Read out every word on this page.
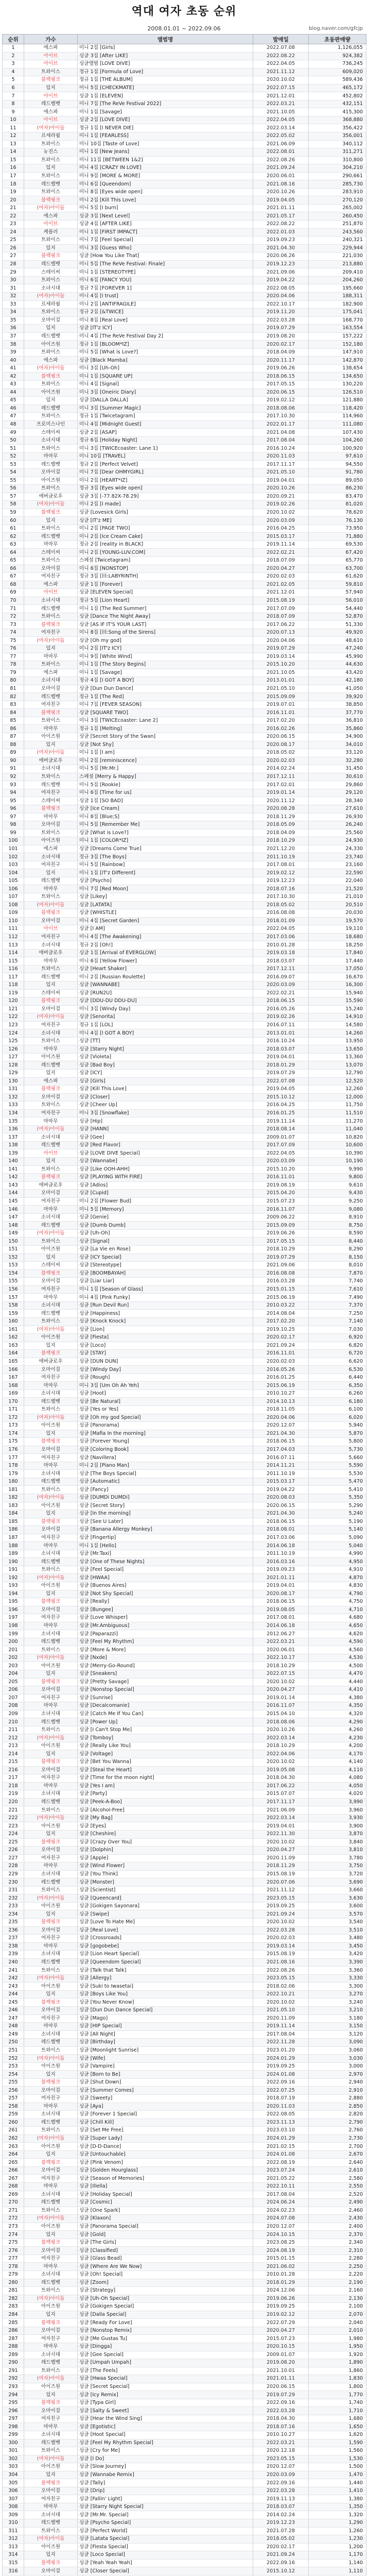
역대 여자 초동 순위
2008.01.01 ~ 2022.09.06	blog.naver.com/gfcjp
순위	가수	앨범명	발매일	초동판매량
1	에스파	미니 2집 [Girls]	2022.07.08	1,126,055
2	아이브	싱글 3집 [After LIKE]	2022.08.22	924,382
3	아이브	싱글앨범 [LOVE DIVE]	2022.04.05	736,245
4	트와이스	정규 1집 [Formula of Love]	2021.11.12	609,020
5	블랙핑크	정규 1집 [THE ALBUM]	2020.10.02	589,436
6	있지	미니 5집 [CHECKMATE]	2022.07.15	465,172
7	아이브	싱글 1집 [ELEVEN]	2021.12.01	452,802
8	레드벨벳	미니 7집 [The ReVe Festival 2022]	2022.03.21	432,151
9	에스파	미니 1집 [Savage]	2021.10.05	415,300
10	아이브	싱글 2집 [LOVE DIVE]	2022.04.05	368,880
11	(여자)아이들	정규 1집 [I NEVER DIE]	2022.03.14	356,422
12	르세라핌	미니 1집 [FEARLESS]	2022.05.02	356,001
13	트와이스	미니 10집 [Taste of Love]	2021.06.09	340,112
14	뉴진스	미니 1집 [New Jeans]	2022.08.01	311,271
15	트와이스	미니 11집 [BETWEEN 1&2]	2022.08.26	310,800
16	있지	미니 4집 [CRAZY IN LOVE]	2021.09.24	304,210
17	트와이스	미니 9집 [MORE & MORE]	2020.06.01	290,661
18	레드벨벳	미니 6집 [Queendom]	2021.08.16	285,730
19	트와이스	미니 8집 [Eyes wide open]	2020.10.26	283,910
20	블랙핑크	미니 2집 [Kill This Love]	2019.04.05	270,120
21	(여자)아이들	미니 5집 [I burn]	2021.01.11	265,002
22	에스파	싱글 3집 [Next Level]	2021.05.17	260,450
23	아이브	싱글 4집 [AFTER LIKE]	2022.08.22	251,870
24	케플러	미니 1집 [FIRST IMPACT]	2022.01.03	243,560
25	트와이스	미니 7집 [Feel Special]	2019.09.23	240,321
26	있지	미니 3집 [Guess Who]	2021.04.30	229,944
27	블랙핑크	싱글 [How You Like That]	2020.06.26	221,030
28	레드벨벳	미니 5집 [The ReVe Festival: Finale]	2019.12.23	213,880
29	스테이씨	미니 1집 [STEREOTYPE]	2021.09.06	209,410
30	트와이스	미니 6집 [FANCY YOU]	2019.04.22	204,260
31	소녀시대	정규 7집 [FOREVER 1]	2022.08.05	195,660
32	(여자)아이들	미니 4집 [I trust]	2020.04.06	188,311
33	르세라핌	미니 2집 [ANTIFRAGILE]	2022.10.17	182,900
34	트와이스	정규 2집 [&TWICE]	2019.11.20	175,041
35	오마이걸	미니 8집 [Real Love]	2022.03.28	168,770
36	있지	싱글 [IT'z ICY]	2019.07.29	163,554
37	레드벨벳	미니 4집 [The ReVe Festival Day 2]	2019.08.20	157,222
38	아이즈원	정규 1집 [BLOOM*IZ]	2020.02.17	152,180
39	트와이스	미니 5집 [What is Love?]	2018.04.09	147,910
40	에스파	싱글 [Black Mamba]	2020.11.17	142,870
41	(여자)아이들	미니 3집 [Uh-Oh]	2019.06.26	138,654
42	블랙핑크	미니 1집 [SQUARE UP]	2018.06.15	134,650
43	트와이스	미니 4집 [Signal]	2017.05.15	130,220
44	아이즈원	미니 3집 [Oneiric Diary]	2020.06.15	126,510
45	있지	싱글 [DALLA DALLA]	2019.02.12	121,880
46	레드벨벳	미니 3집 [Summer Magic]	2018.08.06	118,420
47	트와이스	정규 1집 [Twicetagram]	2017.10.30	114,960
48	프로미스나인	미니 4집 [Midnight Guest]	2022.01.17	111,080
49	스테이씨	싱글 2집 [ASAP]	2021.04.08	107,430
50	소녀시대	정규 6집 [Holiday Night]	2017.08.04	104,260
51	트와이스	미니 3집 [TWICEcoaster: Lane 1]	2016.10.24	100,920
52	마마무	미니 10집 [TRAVEL]	2020.11.03	97,610
53	레드벨벳	정규 2집 [Perfect Velvet]	2017.11.17	94,550
54	오마이걸	미니 7집 [Dear OHMYGIRL]	2021.05.10	91,780
55	아이즈원	미니 2집 [HEART*IZ]	2019.04.01	89,050
56	트와이스	정규 3집 [Eyes wide open]	2020.10.26	86,230
57	에버글로우	싱글 3집 [-77.82X-78.29]	2020.09.21	83,470
58	(여자)아이들	미니 2집 [I made]	2019.02.26	81,020
59	블랙핑크	싱글 [Lovesick Girls]	2020.10.02	78,620
60	있지	싱글 [IT'z ME]	2020.03.09	76,130
61	트와이스	미니 2집 [PAGE TWO]	2016.04.25	73,950
62	레드벨벳	미니 2집 [Ice Cream Cake]	2015.03.17	71,880
63	마마무	정규 2집 [reality in BLACK]	2019.11.14	69,530
64	스테이씨	미니 2집 [YOUNG-LUV.COM]	2022.02.21	67,420
65	트와이스	스페셜 [Twicetagram]	2018.07.09	65,770
66	오마이걸	미니 6집 [NONSTOP]	2020.04.27	63,700
67	여자친구	정규 3집 [回:LABYRINTH]	2020.02.03	61,620
68	에스파	싱글 1집 [Forever]	2021.02.05	59,810
69	아이브	싱글 [ELEVEN Special]	2021.12.01	57,940
70	소녀시대	정규 5집 [Lion Heart]	2015.08.19	56,010
71	레드벨벳	미니 1집 [The Red Summer]	2017.07.09	54,440
72	트와이스	싱글 [Dance The Night Away]	2018.07.09	52,870
73	블랙핑크	싱글 [AS IF IT'S YOUR LAST]	2017.06.22	51,330
74	여자친구	미니 8집 [回:Song of the Sirens]	2020.07.13	49,920
75	(여자)아이들	싱글 [Oh my god]	2020.04.06	48,610
76	있지	미니 2집 [IT'z ICY]	2019.07.29	47,240
77	마마무	미니 9집 [White Wind]	2019.03.14	45,990
78	트와이스	미니 1집 [The Story Begins]	2015.10.20	44,630
79	에스파	미니 1집 [Savage]	2021.10.05	43,420
80	소녀시대	정규 4집 [I GOT A BOY]	2013.01.01	42,180
81	오마이걸	싱글 [Dun Dun Dance]	2021.05.10	41,050
82	레드벨벳	정규 1집 [The Red]	2015.09.09	39,920
83	여자친구	미니 7집 [FEVER SEASON]	2019.07.01	38,850
84	블랙핑크	싱글 [SQUARE TWO]	2016.11.01	37,770
85	트와이스	미니 3집 [TWICEcoaster: Lane 2]	2017.02.20	36,810
86	마마무	정규 1집 [Melting]	2016.02.26	35,860
87	아이즈원	싱글 [Secret Story of the Swan]	2020.06.15	34,900
88	있지	싱글 [Not Shy]	2020.08.17	34,010
89	(여자)아이들	미니 1집 [I am]	2018.05.02	33,120
90	에버글로우	미니 2집 [reminiscence]	2020.02.03	32,280
91	소녀시대	미니 5집 [Mr.Mr.]	2014.02.24	31,450
92	트와이스	스페셜 [Merry & Happy]	2017.12.11	30,610
93	레드벨벳	미니 5집 [Rookie]	2017.02.01	29,860
94	여자친구	미니 6집 [Time for us]	2019.01.14	29,120
95	스테이씨	싱글 1집 [SO BAD]	2020.11.12	28,340
96	블랙핑크	싱글 [Ice Cream]	2020.08.28	27,610
97	마마무	미니 8집 [Blue;S]	2018.11.29	26,930
98	오마이걸	미니 5집 [Remember Me]	2018.05.09	26,240
99	트와이스	싱글 [What is Love?]	2018.04.09	25,560
100	아이즈원	미니 1집 [COLOR*IZ]	2018.10.29	24,930
101	에스파	싱글 [Dreams Come True]	2021.12.20	24,330
102	소녀시대	정규 3집 [The Boys]	2011.10.19	23,740
103	여자친구	미니 5집 [Rainbow]	2017.08.01	23,160
104	있지	미니 1집 [IT'z Different]	2019.02.12	22,590
105	레드벨벳	싱글 [Psycho]	2019.12.23	22,040
106	마마무	미니 7집 [Red Moon]	2018.07.16	21,520
107	트와이스	싱글 [Likey]	2017.10.30	21,010
108	(여자)아이들	싱글 [LATATA]	2018.05.02	20,510
109	블랙핑크	싱글 [WHISTLE]	2016.08.08	20,030
110	오마이걸	미니 4집 [Secret Garden]	2018.01.09	19,570
111	아이브	싱글 [I AM]	2022.04.05	19,110
112	여자친구	미니 4집 [The Awakening]	2017.03.06	18,680
113	소녀시대	정규 2집 [Oh!]	2010.01.28	18,250
114	에버글로우	싱글 1집 [Arrival of EVERGLOW]	2019.03.18	17,840
115	마마무	미니 6집 [Yellow Flower]	2018.03.07	17,440
116	트와이스	싱글 [Heart Shaker]	2017.12.11	17,050
117	레드벨벳	미니 2집 [Russian Roulette]	2016.09.07	16,670
118	있지	싱글 [WANNABE]	2020.03.09	16,300
119	스테이씨	싱글 [RUN2U]	2022.02.21	15,940
120	블랙핑크	싱글 [DDU-DU DDU-DU]	2018.06.15	15,590
121	오마이걸	미니 3집 [Windy Day]	2016.05.26	15,240
122	(여자)아이들	싱글 [Senorita]	2019.02.26	14,910
123	여자친구	정규 1집 [LOL]	2016.07.11	14,580
124	소녀시대	미니 4집 [I GOT A BOY]	2013.01.01	14,260
125	트와이스	싱글 [TT]	2016.10.24	13,950
126	마마무	싱글 [Starry Night]	2018.03.07	13,650
127	아이즈원	싱글 [Violeta]	2019.04.01	13,360
128	레드벨벳	싱글 [Bad Boy]	2018.01.29	13,070
129	있지	싱글 [ICY]	2019.07.29	12,790
130	에스파	싱글 [Girls]	2022.07.08	12,520
131	블랙핑크	싱글 [Kill This Love]	2019.04.05	12,260
132	오마이걸	싱글 [Closer]	2015.10.12	12,000
133	트와이스	싱글 [Cheer Up]	2016.04.25	11,750
134	여자친구	미니 3집 [Snowflake]	2016.01.25	11,510
135	마마무	싱글 [Hip]	2019.11.14	11,270
136	(여자)아이들	싱글 [HANN]	2018.08.14	11,040
137	소녀시대	싱글 [Gee]	2009.01.07	10,820
138	레드벨벳	싱글 [Red Flavor]	2017.07.09	10,600
139	아이브	싱글 [LOVE DIVE Special]	2022.04.05	10,390
140	있지	싱글 [Wannabe]	2020.03.09	10,190
141	트와이스	싱글 [Like OOH-AHH]	2015.10.20	9,990
142	블랙핑크	싱글 [PLAYING WITH FIRE]	2016.11.01	9,800
143	에버글로우	싱글 [Adios]	2019.08.19	9,610
144	오마이걸	싱글 [Cupid]	2015.04.20	9,430
145	여자친구	미니 2집 [Flower Bud]	2015.07.23	9,250
146	마마무	미니 5집 [Memory]	2016.11.07	9,080
147	소녀시대	싱글 [Genie]	2009.06.22	8,910
148	레드벨벳	싱글 [Dumb Dumb]	2015.09.09	8,750
149	(여자)아이들	싱글 [Uh-Oh]	2019.06.26	8,590
150	트와이스	싱글 [Signal]	2017.05.15	8,440
151	아이즈원	싱글 [La Vie en Rose]	2018.10.29	8,290
152	있지	싱글 [ICY Special]	2019.07.29	8,150
153	스테이씨	싱글 [Stereotype]	2021.09.06	8,010
154	블랙핑크	싱글 [BOOMBAYAH]	2016.08.08	7,870
155	오마이걸	싱글 [Liar Liar]	2016.03.28	7,740
156	여자친구	미니 1집 [Season of Glass]	2015.01.15	7,610
157	마마무	미니 4집 [Pink Funky]	2015.06.19	7,490
158	소녀시대	싱글 [Run Devil Run]	2010.03.22	7,370
159	레드벨벳	싱글 [Happiness]	2014.08.04	7,250
160	트와이스	싱글 [Knock Knock]	2017.02.20	7,140
161	(여자)아이들	싱글 [Lion]	2019.10.25	7,030
162	아이즈원	싱글 [Fiesta]	2020.02.17	6,920
163	있지	싱글 [Loco]	2021.09.24	6,820
164	블랙핑크	싱글 [STAY]	2016.11.01	6,720
165	에버글로우	싱글 [DUN DUN]	2020.02.03	6,620
166	오마이걸	싱글 [Windy Day]	2016.05.26	6,530
167	여자친구	싱글 [Rough]	2016.01.25	6,440
168	마마무	미니 3집 [Um Oh Ah Yeh]	2015.06.19	6,350
169	소녀시대	싱글 [Hoot]	2010.10.27	6,260
170	레드벨벳	싱글 [Be Natural]	2014.10.13	6,180
171	트와이스	싱글 [Yes or Yes]	2018.11.05	6,100
172	(여자)아이들	싱글 [Oh my god Special]	2020.04.06	6,020
173	아이즈원	싱글 [Panorama]	2020.12.07	5,940
174	있지	싱글 [Mafia In the morning]	2021.04.30	5,870
175	블랙핑크	싱글 [Forever Young]	2018.06.15	5,800
176	오마이걸	싱글 [Coloring Book]	2017.04.03	5,730
177	여자친구	싱글 [Navillera]	2016.07.11	5,660
178	마마무	미니 2집 [Piano Man]	2014.11.21	5,590
179	소녀시대	싱글 [The Boys Special]	2011.10.19	5,530
180	레드벨벳	싱글 [Automatic]	2015.03.17	5,470
181	트와이스	싱글 [Fancy]	2019.04.22	5,410
182	(여자)아이들	싱글 [DUMDi DUMDi]	2020.08.03	5,350
183	아이즈원	싱글 [Secret Story]	2020.06.15	5,290
184	있지	싱글 [In the morning]	2021.04.30	5,240
185	블랙핑크	싱글 [See U Later]	2018.06.15	5,190
186	오마이걸	싱글 [Banana Allergy Monkey]	2018.08.01	5,140
187	여자친구	싱글 [Fingertip]	2017.03.06	5,090
188	마마무	미니 1집 [Hello]	2014.06.18	5,040
189	소녀시대	싱글 [Mr.Taxi]	2011.10.19	4,990
190	레드벨벳	싱글 [One of These Nights]	2016.03.16	4,950
191	트와이스	싱글 [Feel Special]	2019.09.23	4,910
192	(여자)아이들	싱글 [HWAA]	2021.01.11	4,870
193	아이즈원	싱글 [Buenos Aires]	2019.04.01	4,830
194	있지	싱글 [Not Shy Special]	2020.08.17	4,790
195	블랙핑크	싱글 [Really]	2018.06.15	4,750
196	오마이걸	싱글 [Bungee]	2019.08.05	4,710
197	여자친구	싱글 [Love Whisper]	2017.08.01	4,680
198	마마무	싱글 [Mr.Ambiguous]	2014.06.18	4,650
199	소녀시대	싱글 [Paparazzi]	2012.06.27	4,620
200	레드벨벳	싱글 [Feel My Rhythm]	2022.03.21	4,590
201	트와이스	싱글 [More & More]	2020.06.01	4,560
202	(여자)아이들	싱글 [Nxde]	2022.10.17	4,530
203	아이즈원	싱글 [Merry-Go-Round]	2018.10.29	4,500
204	있지	싱글 [Sneakers]	2022.07.15	4,470
205	블랙핑크	싱글 [Pretty Savage]	2020.10.02	4,440
206	오마이걸	싱글 [Nonstop Special]	2020.04.27	4,410
207	여자친구	싱글 [Sunrise]	2019.01.14	4,380
208	마마무	싱글 [Decalcomanie]	2016.11.07	4,350
209	소녀시대	싱글 [Catch Me If You Can]	2015.04.10	4,320
210	레드벨벳	싱글 [Power Up]	2018.08.06	4,290
211	트와이스	싱글 [I Can't Stop Me]	2020.10.26	4,260
212	(여자)아이들	싱글 [Tomboy]	2022.03.14	4,230
213	아이즈원	싱글 [Really Like You]	2018.10.29	4,200
214	있지	싱글 [Voltage]	2022.04.06	4,170
215	블랙핑크	싱글 [Bet You Wanna]	2020.10.02	4,140
216	오마이걸	싱글 [Steal the Heart]	2019.05.08	4,110
217	여자친구	싱글 [Time for the moon night]	2018.04.30	4,080
218	마마무	싱글 [Yes I am]	2017.06.22	4,050
219	소녀시대	싱글 [Party]	2015.07.07	4,020
220	레드벨벳	싱글 [Peek-A-Boo]	2017.11.17	3,990
221	트와이스	싱글 [Alcohol-Free]	2021.06.09	3,960
222	(여자)아이들	싱글 [My Bag]	2022.03.14	3,930
223	아이즈원	싱글 [Eyes]	2019.04.01	3,900
224	있지	싱글 [Cheshire]	2022.11.30	3,870
225	블랙핑크	싱글 [Crazy Over You]	2020.10.02	3,840
226	오마이걸	싱글 [Dolphin]	2020.04.27	3,810
227	여자친구	싱글 [Apple]	2020.11.09	3,780
228	마마무	싱글 [Wind Flower]	2018.11.29	3,750
229	소녀시대	싱글 [You Think]	2015.08.19	3,720
230	레드벨벳	싱글 [Monster]	2020.07.06	3,690
231	트와이스	싱글 [Scientist]	2021.11.12	3,660
232	(여자)아이들	싱글 [Queencard]	2023.05.15	3,630
233	아이즈원	싱글 [Gokigen Sayonara]	2019.09.25	3,600
234	있지	싱글 [Swipe]	2021.09.24	3,570
235	블랙핑크	싱글 [Love To Hate Me]	2020.10.02	3,540
236	오마이걸	싱글 [Real Love]	2022.03.28	3,510
237	여자친구	싱글 [Crossroads]	2020.02.03	3,480
238	마마무	싱글 [gogobebe]	2019.03.14	3,450
239	소녀시대	싱글 [Lion Heart Special]	2015.08.19	3,420
240	레드벨벳	싱글 [Queendom Special]	2021.08.16	3,390
241	트와이스	싱글 [Talk that Talk]	2022.08.26	3,360
242	(여자)아이들	싱글 [Allergy]	2023.05.15	3,330
243	아이즈원	싱글 [Suki to Iwasetai]	2018.02.06	3,300
244	있지	싱글 [Boys Like You]	2022.10.21	3,270
245	블랙핑크	싱글 [You Never Know]	2020.10.02	3,240
246	오마이걸	싱글 [Dun Dun Dance Special]	2021.05.10	3,210
247	여자친구	싱글 [Mago]	2020.11.09	3,180
248	마마무	싱글 [HIP Special]	2019.11.14	3,150
249	소녀시대	싱글 [All Night]	2017.08.04	3,120
250	레드벨벳	싱글 [Birthday]	2022.11.28	3,090
251	트와이스	싱글 [Moonlight Sunrise]	2023.01.20	3,060
252	(여자)아이들	싱글 [Wife]	2024.01.29	3,030
253	아이즈원	싱글 [Vampire]	2019.09.25	3,000
254	있지	싱글 [Born to Be]	2024.01.08	2,970
255	블랙핑크	싱글 [Shut Down]	2022.09.16	2,940
256	오마이걸	싱글 [Summer Comes]	2022.07.25	2,910
257	여자친구	싱글 [Sweety]	2018.07.19	2,880
258	마마무	싱글 [Aya]	2020.11.03	2,850
259	소녀시대	싱글 [Forever 1 Special]	2022.08.05	2,820
260	레드벨벳	싱글 [Chill Kill]	2023.11.13	2,790
261	트와이스	싱글 [Set Me Free]	2023.03.10	2,760
262	(여자)아이들	싱글 [Super Lady]	2024.01.29	2,730
263	아이즈원	싱글 [D-D-Dance]	2021.02.15	2,700
264	있지	싱글 [Untouchable]	2024.01.08	2,670
265	블랙핑크	싱글 [Pink Venom]	2022.08.19	2,640
266	오마이걸	싱글 [Golden Hourglass]	2023.07.24	2,610
267	여자친구	싱글 [Season of Memories]	2021.05.22	2,580
268	마마무	싱글 [Illella]	2022.10.11	2,550
269	소녀시대	싱글 [Holiday Special]	2017.08.04	2,520
270	레드벨벳	싱글 [Cosmic]	2024.06.24	2,490
271	트와이스	싱글 [One Spark]	2024.02.23	2,460
272	(여자)아이들	싱글 [Klaxon]	2024.07.08	2,430
273	아이즈원	싱글 [Panorama Special]	2020.12.07	2,400
274	있지	싱글 [Gold]	2024.10.15	2,370
275	블랙핑크	싱글 [The Girls]	2023.08.25	2,340
276	오마이걸	싱글 [Classified]	2024.08.19	2,310
277	여자친구	싱글 [Glass Bead]	2015.01.15	2,280
278	마마무	싱글 [Where Are We Now]	2021.06.02	2,250
279	소녀시대	싱글 [Oh! Special]	2010.01.28	2,220
280	레드벨벳	싱글 [Zoom]	2018.01.29	2,190
281	트와이스	싱글 [Strategy]	2024.12.06	2,160
282	(여자)아이들	싱글 [Uh-Oh Special]	2019.06.26	2,130
283	아이즈원	싱글 [Gokigen Special]	2019.09.25	2,100
284	있지	싱글 [Dalla Special]	2019.02.12	2,070
285	블랙핑크	싱글 [Ready For Love]	2022.07.29	2,040
286	오마이걸	싱글 [Nonstop Remix]	2020.04.27	2,010
287	여자친구	싱글 [Me Gustas Tu]	2015.07.23	1,980
288	마마무	싱글 [Dingga]	2020.10.15	1,950
289	소녀시대	싱글 [Gee Special]	2009.01.07	1,920
290	레드벨벳	싱글 [Umpah Umpah]	2019.08.20	1,890
291	트와이스	싱글 [The Feels]	2021.10.01	1,860
292	(여자)아이들	싱글 [Hwaa Special]	2021.01.11	1,830
293	아이즈원	싱글 [Secret Special]	2020.06.15	1,800
294	있지	싱글 [Icy Remix]	2019.07.29	1,770
295	블랙핑크	싱글 [Typa Girl]	2022.09.16	1,740
296	오마이걸	싱글 [Salty & Sweet]	2022.03.28	1,710
297	여자친구	싱글 [Hear the Wind Sing]	2018.04.30	1,680
298	마마무	싱글 [Egotistic]	2018.07.16	1,650
299	소녀시대	싱글 [Hoot Special]	2010.10.27	1,620
300	레드벨벳	싱글 [Feel My Rhythm Special]	2022.03.21	1,590
301	트와이스	싱글 [Cry for Me]	2020.12.18	1,560
302	(여자)아이들	싱글 [I Do]	2023.05.15	1,530
303	아이즈원	싱글 [Slow Journey]	2020.12.07	1,500
304	있지	싱글 [Wannabe Remix]	2020.03.09	1,470
305	블랙핑크	싱글 [Tally]	2022.09.16	1,440
306	오마이걸	싱글 [Drip]	2022.03.28	1,410
307	여자친구	싱글 [Fallin' Light]	2019.11.13	1,380
308	마마무	싱글 [Starry Night Special]	2018.03.07	1,350
309	소녀시대	싱글 [Mr.Mr. Special]	2014.02.24	1,320
310	레드벨벳	싱글 [Psycho Special]	2019.12.23	1,290
311	트와이스	싱글 [Perfect World]	2021.07.28	1,260
312	(여자)아이들	싱글 [Latata Special]	2018.05.02	1,230
313	아이즈원	싱글 [Fiesta Special]	2020.02.17	1,200
314	있지	싱글 [Loco Special]	2021.09.24	1,170
315	블랙핑크	싱글 [Yeah Yeah Yeah]	2022.09.16	1,140
316	오마이걸	싱글 [Closer Special]	2015.10.12	1,110
